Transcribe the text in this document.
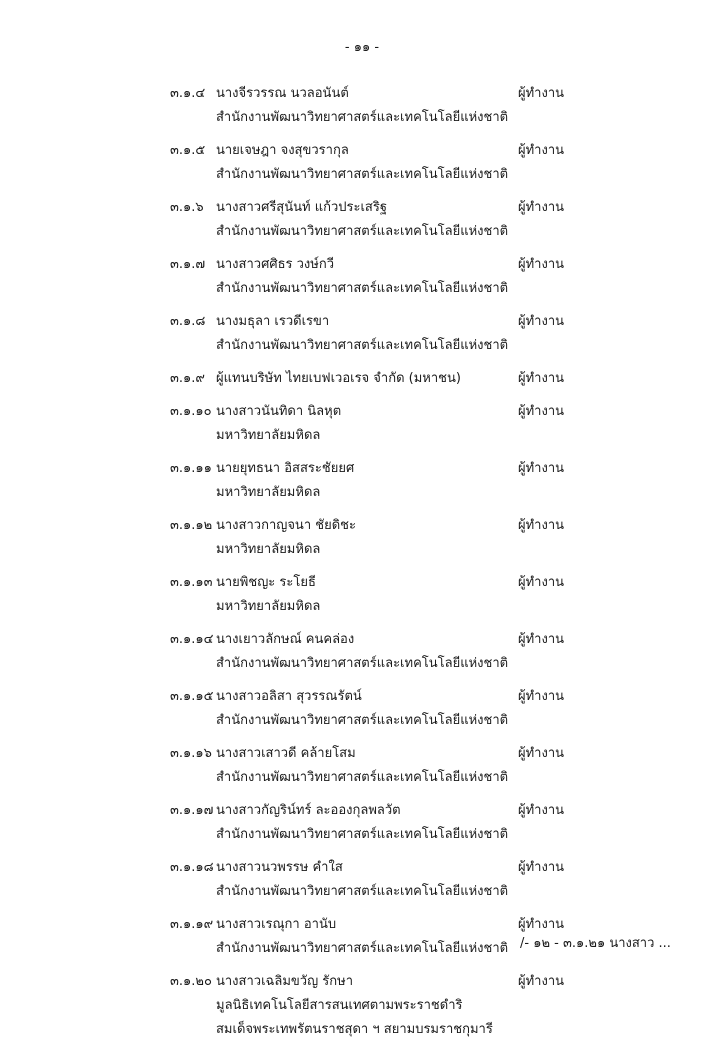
- ๑๑ -
๓.๑.๔ นางจีรวรรณ นวลอนันต์	ผู้ทำงาน
สำนักงานพัฒนาวิทยาศาสตร์และเทคโนโลยีแห่งชาติ
๓.๑.๕ นายเจษฎา จงสุขวรากุล	ผู้ทำงาน
สำนักงานพัฒนาวิทยาศาสตร์และเทคโนโลยีแห่งชาติ
๓.๑.๖ นางสาวศรีสุนันท์ แก้วประเสริฐ	ผู้ทำงาน
สำนักงานพัฒนาวิทยาศาสตร์และเทคโนโลยีแห่งชาติ
๓.๑.๗ นางสาวศศิธร วงษ์กวี	ผู้ทำงาน
สำนักงานพัฒนาวิทยาศาสตร์และเทคโนโลยีแห่งชาติ
๓.๑.๘ นางมธุลา เรวดีเรขา	ผู้ทำงาน
สำนักงานพัฒนาวิทยาศาสตร์และเทคโนโลยีแห่งชาติ
๓.๑.๙ ผู้แทนบริษัท ไทยเบฟเวอเรจ จำกัด (มหาชน)	ผู้ทำงาน
๓.๑.๑๐ นางสาวนันทิดา นิลหุต	ผู้ทำงาน
มหาวิทยาลัยมหิดล
๓.๑.๑๑ นายยุทธนา อิสสระชัยยศ	ผู้ทำงาน
มหาวิทยาลัยมหิดล
๓.๑.๑๒ นางสาวกาญจนา ชัยดิชะ	ผู้ทำงาน
มหาวิทยาลัยมหิดล
๓.๑.๑๓ นายพิชญะ ระโยธี	ผู้ทำงาน
มหาวิทยาลัยมหิดล
๓.๑.๑๔ นางเยาวลักษณ์ คนคล่อง	ผู้ทำงาน
สำนักงานพัฒนาวิทยาศาสตร์และเทคโนโลยีแห่งชาติ
๓.๑.๑๕ นางสาวอลิสา สุวรรณรัตน์	ผู้ทำงาน
สำนักงานพัฒนาวิทยาศาสตร์และเทคโนโลยีแห่งชาติ
๓.๑.๑๖ นางสาวเสาวดี คล้ายโสม	ผู้ทำงาน
สำนักงานพัฒนาวิทยาศาสตร์และเทคโนโลยีแห่งชาติ
๓.๑.๑๗ นางสาวกัญริน์ทร์ ละอองกุลพลวัต	ผู้ทำงาน
สำนักงานพัฒนาวิทยาศาสตร์และเทคโนโลยีแห่งชาติ
๓.๑.๑๘ นางสาวนวพรรษ คำใส	ผู้ทำงาน
สำนักงานพัฒนาวิทยาศาสตร์และเทคโนโลยีแห่งชาติ
๓.๑.๑๙ นางสาวเรณุกา อานับ	ผู้ทำงาน
สำนักงานพัฒนาวิทยาศาสตร์และเทคโนโลยีแห่งชาติ
๓.๑.๒๐ นางสาวเฉลิมขวัญ รักษา	ผู้ทำงาน
มูลนิธิเทคโนโลยีสารสนเทศตามพระราชดำริ
สมเด็จพระเทพรัตนราชสุดา ฯ สยามบรมราชกุมารี
/- ๑๒ - ๓.๑.๒๑ นางสาว ...
